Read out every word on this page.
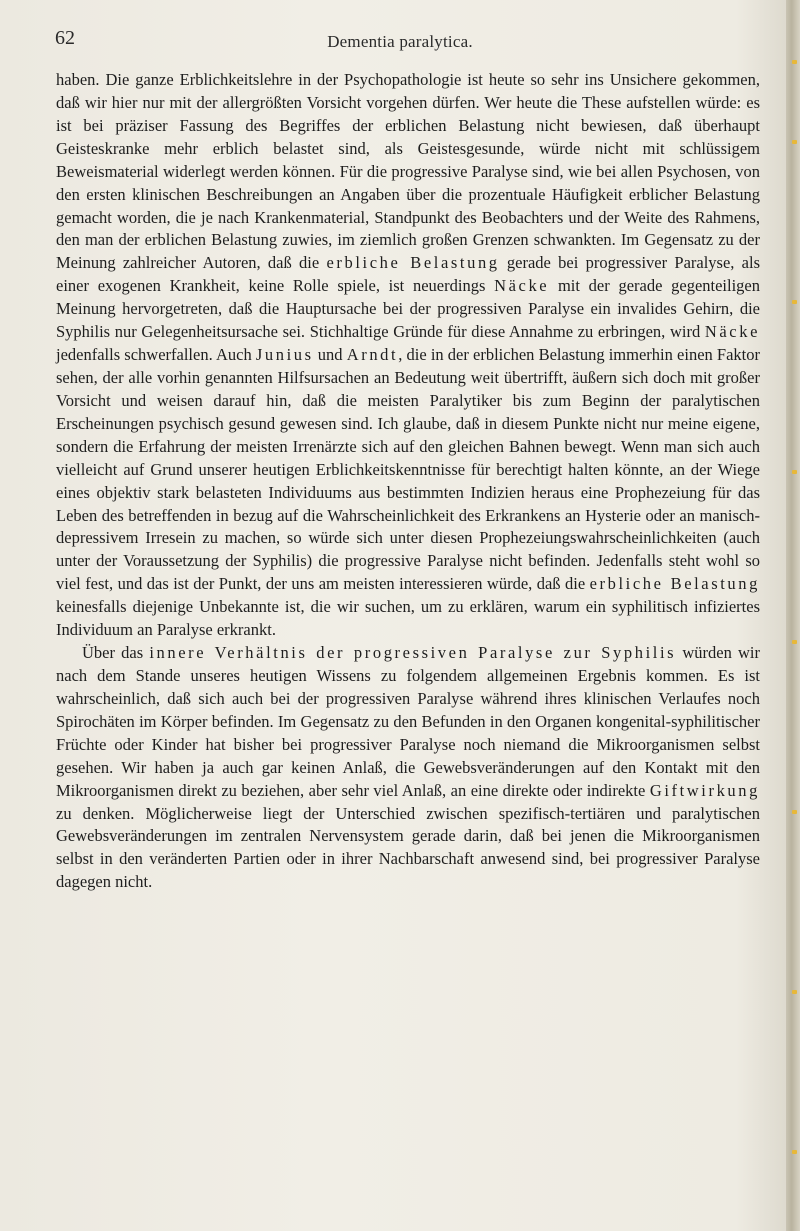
62	Dementia paralytica.

haben. Die ganze Erblichkeitslehre in der Psychopathologie ist heute so sehr ins Unsichere gekommen, daß wir hier nur mit der allergrößten Vorsicht vorgehen dürfen. Wer heute die These aufstellen würde: es ist bei präziser Fassung des Begriffes der erblichen Belastung nicht bewiesen, daß überhaupt Geisteskranke mehr erblich belastet sind, als Geistesgesunde, würde nicht mit schlüssigem Beweismaterial widerlegt werden können. Für die progressive Paralyse sind, wie bei allen Psychosen, von den ersten klinischen Beschreibungen an Angaben über die prozentuale Häufigkeit erblicher Belastung gemacht worden, die je nach Krankenmaterial, Standpunkt des Beobachters und der Weite des Rahmens, den man der erblichen Belastung zuwies, im ziemlich großen Grenzen schwankten. Im Gegensatz zu der Meinung zahlreicher Autoren, daß die erbliche Belastung gerade bei progressiver Paralyse, als einer exogenen Krankheit, keine Rolle spiele, ist neuerdings Näcke mit der gerade gegenteiligen Meinung hervorgetreten, daß die Hauptursache bei der progressiven Paralyse ein invalides Gehirn, die Syphilis nur Gelegenheitsursache sei. Stichhaltige Gründe für diese Annahme zu erbringen, wird Näcke jedenfalls schwerfallen. Auch Junius und Arndt, die in der erblichen Belastung immerhin einen Faktor sehen, der alle vorhin genannten Hilfsursachen an Bedeutung weit übertrifft, äußern sich doch mit großer Vorsicht und weisen darauf hin, daß die meisten Paralytiker bis zum Beginn der paralytischen Erscheinungen psychisch gesund gewesen sind. Ich glaube, daß in diesem Punkte nicht nur meine eigene, sondern die Erfahrung der meisten Irrenärzte sich auf den gleichen Bahnen bewegt. Wenn man sich auch vielleicht auf Grund unserer heutigen Erblichkeitskenntnisse für berechtigt halten könnte, an der Wiege eines objektiv stark belasteten Individuums aus bestimmten Indizien heraus eine Prophezeiung für das Leben des betreffenden in bezug auf die Wahrscheinlichkeit des Erkrankens an Hysterie oder an manisch-depressivem Irresein zu machen, so würde sich unter diesen Prophezeiungswahrscheinlichkeiten (auch unter der Voraussetzung der Syphilis) die progressive Paralyse nicht befinden. Jedenfalls steht wohl so viel fest, und das ist der Punkt, der uns am meisten interessieren würde, daß die erbliche Belastung keinesfalls diejenige Unbekannte ist, die wir suchen, um zu erklären, warum ein syphilitisch infiziertes Individuum an Paralyse erkrankt.

Über das innere Verhältnis der progressiven Paralyse zur Syphilis würden wir nach dem Stande unseres heutigen Wissens zu folgendem allgemeinen Ergebnis kommen. Es ist wahrscheinlich, daß sich auch bei der progressiven Paralyse während ihres klinischen Verlaufes noch Spirochäten im Körper befinden. Im Gegensatz zu den Befunden in den Organen kongenital-syphilitischer Früchte oder Kinder hat bisher bei progressiver Paralyse noch niemand die Mikroorganismen selbst gesehen. Wir haben ja auch gar keinen Anlaß, die Gewebsveränderungen auf den Kontakt mit den Mikroorganismen direkt zu beziehen, aber sehr viel Anlaß, an eine direkte oder indirekte Giftwirkung zu denken. Möglicherweise liegt der Unterschied zwischen spezifisch-tertiären und paralytischen Gewebsveränderungen im zentralen Nervensystem gerade darin, daß bei jenen die Mikroorganismen selbst in den veränderten Partien oder in ihrer Nachbarschaft anwesend sind, bei progressiver Paralyse dagegen nicht.
